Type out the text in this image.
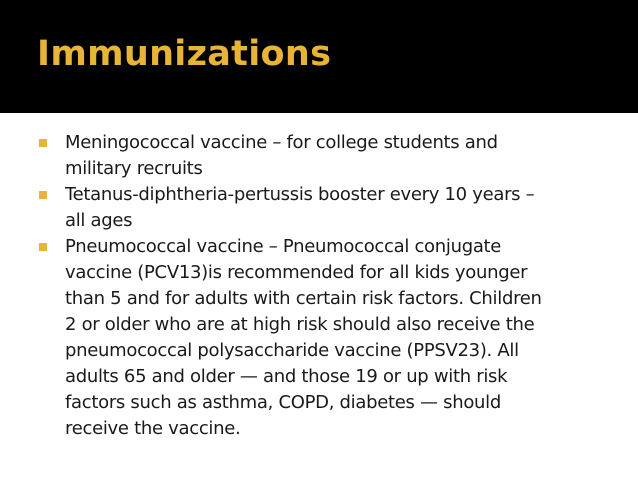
Immunizations
Meningococcal vaccine – for college students and
military recruits
Tetanus-diphtheria-pertussis booster every 10 years –
all ages
Pneumococcal vaccine – Pneumococcal conjugate
vaccine (PCV13)is recommended for all kids younger
than 5 and for adults with certain risk factors. Children
2 or older who are at high risk should also receive the
pneumococcal polysaccharide vaccine (PPSV23). All
adults 65 and older — and those 19 or up with risk
factors such as asthma, COPD, diabetes — should
receive the vaccine.
